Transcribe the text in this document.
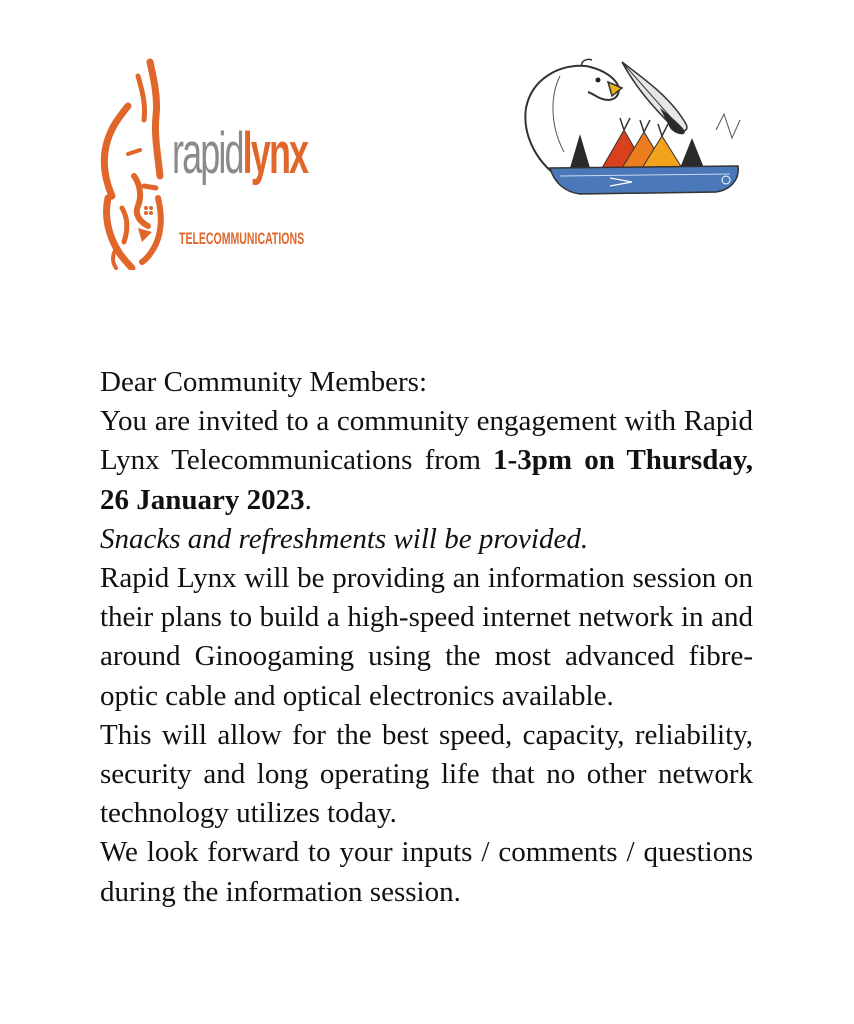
rapidlynx
TELECOMMUNICATIONS

Dear Community Members:

You are invited to a community engagement with Rapid Lynx Telecommunications from 1-3pm on Thursday, 26 January 2023.

Snacks and refreshments will be provided.

Rapid Lynx will be providing an information session on their plans to build a high-speed internet network in and around Ginoogaming using the most advanced fibre-optic cable and optical electronics available.

This will allow for the best speed, capacity, reliability, security and long operating life that no other network technology utilizes today.

We look forward to your inputs / comments / questions during the information session.
